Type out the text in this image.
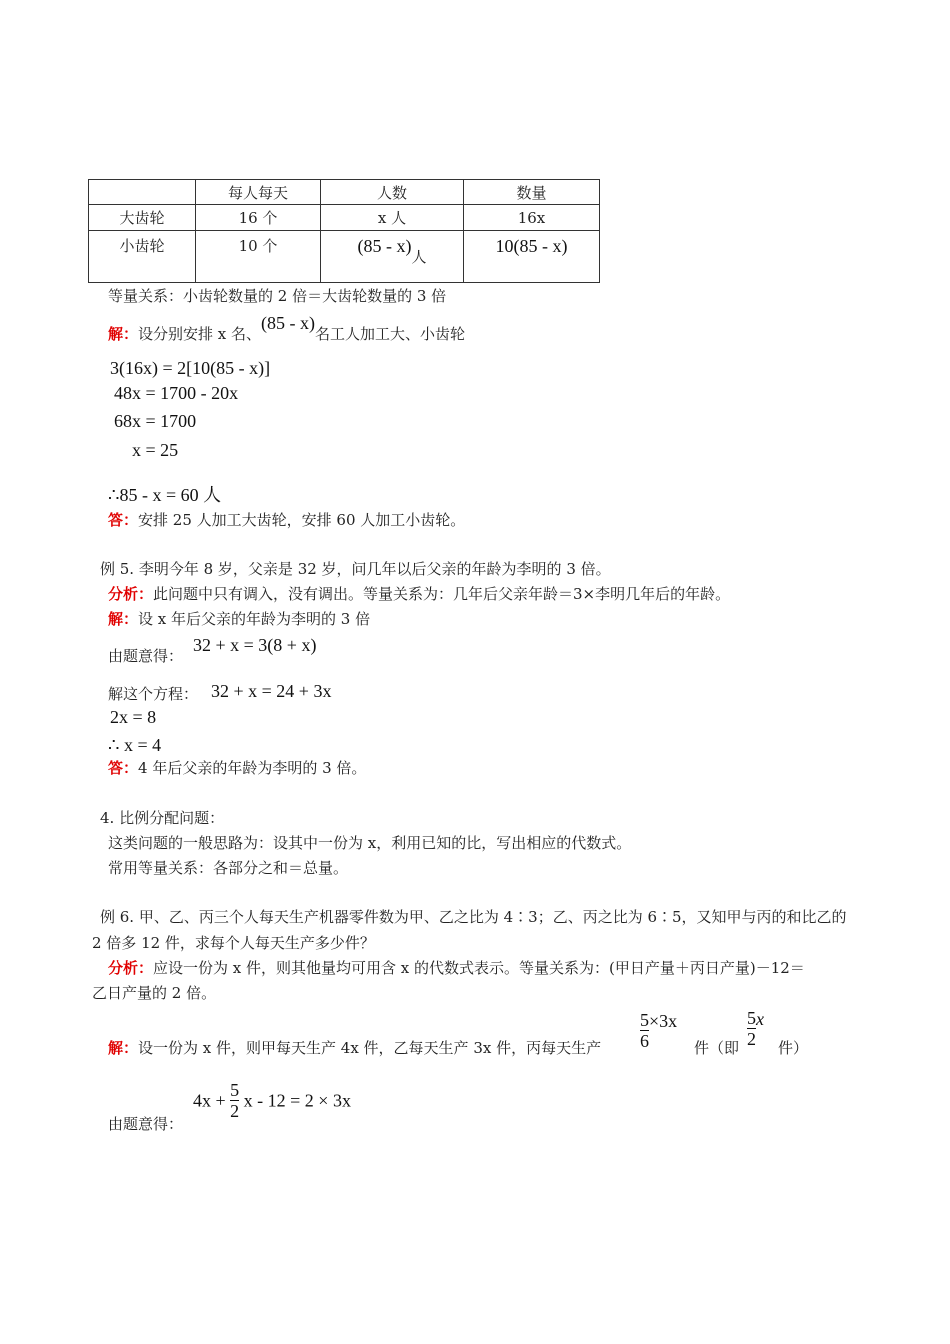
	每人每天	人数	数量
大齿轮	16 个	x 人	16x
小齿轮	10 个	(85 - x)人	10(85 - x)
等量关系：小齿轮数量的 2 倍＝大齿轮数量的 3 倍
解：设分别安排 x 名、(85 - x)名工人加工大、小齿轮
3(16x) = 2[10(85 - x)]
48x = 1700 - 20x
68x = 1700
x = 25
∴85 - x = 60 人
答：安排 25 人加工大齿轮，安排 60 人加工小齿轮。
例 5. 李明今年 8 岁，父亲是 32 岁，问几年以后父亲的年龄为李明的 3 倍。
分析：此问题中只有调入，没有调出。等量关系为：几年后父亲年龄＝3×李明几年后的年龄。
解：设 x 年后父亲的年龄为李明的 3 倍
由题意得：
32 + x = 3(8 + x)
解这个方程： 32 + x = 24 + 3x
2x = 8
∴ x = 4
答：4 年后父亲的年龄为李明的 3 倍。
4. 比例分配问题：
这类问题的一般思路为：设其中一份为 x，利用已知的比，写出相应的代数式。
常用等量关系：各部分之和＝总量。
例 6. 甲、乙、丙三个人每天生产机器零件数为甲、乙之比为 4∶3；乙、丙之比为 6∶5，又知甲与丙的和比乙的
2 倍多 12 件，求每个人每天生产多少件？
分析：应设一份为 x 件，则其他量均可用含 x 的代数式表示。等量关系为：(甲日产量＋丙日产量)－12＝
乙日产量的 2 倍。
解：设一份为 x 件，则甲每天生产 4x 件，乙每天生产 3x 件，丙每天生产 $\frac{5}{6} \times 3x$
件（即 $\frac{5}{2}$ x
件）
由题意得：
$4x + \frac{5}{2}$ x - 12 = 2 × 3x
